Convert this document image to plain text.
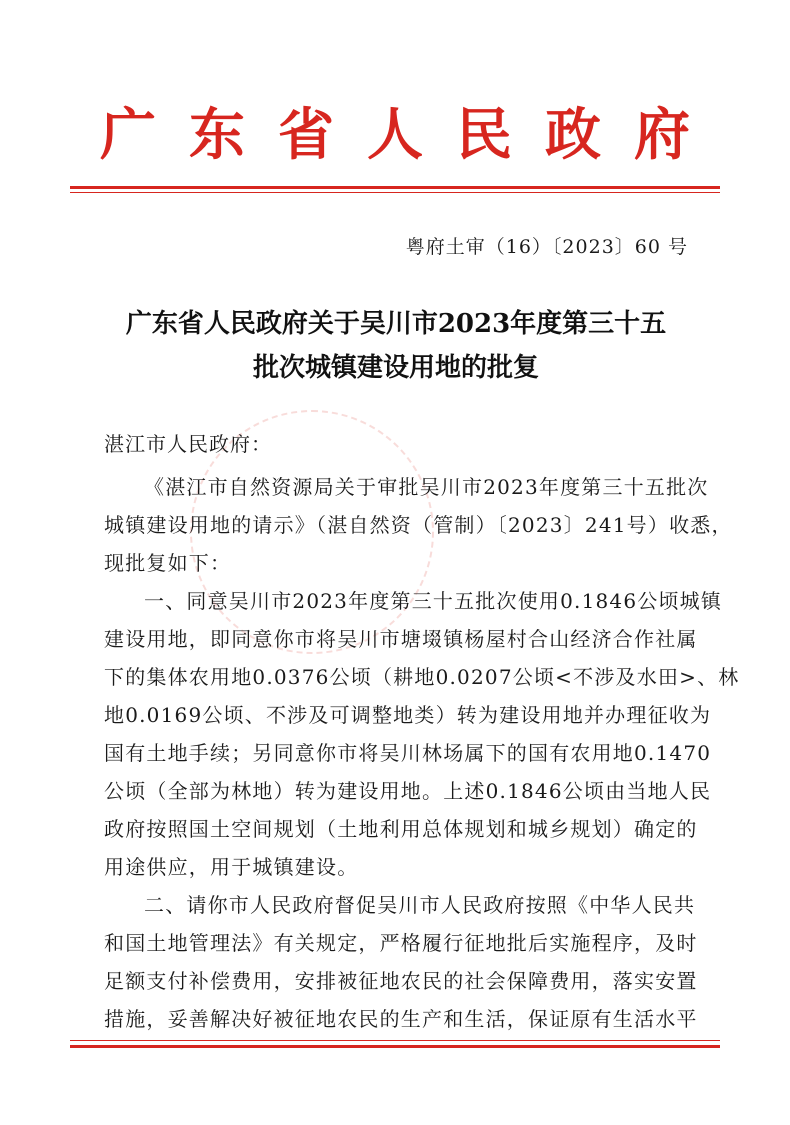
广 东 省 人 民 政 府
粤府土审（16）〔2023〕60 号
广东省人民政府关于吴川市2023年度第三十五
批次城镇建设用地的批复
湛江市人民政府：
《湛江市自然资源局关于审批吴川市2023年度第三十五批次
城镇建设用地的请示》（湛自然资（管制）〔2023〕241号）收悉，
现批复如下：
一、同意吴川市2023年度第三十五批次使用0.1846公顷城镇
建设用地，即同意你市将吴川市塘㙍镇杨屋村合山经济合作社属
下的集体农用地0.0376公顷（耕地0.0207公顷<不涉及水田>、林
地0.0169公顷、不涉及可调整地类）转为建设用地并办理征收为
国有土地手续；另同意你市将吴川林场属下的国有农用地0.1470
公顷（全部为林地）转为建设用地。上述0.1846公顷由当地人民
政府按照国土空间规划（土地利用总体规划和城乡规划）确定的
用途供应，用于城镇建设。
二、请你市人民政府督促吴川市人民政府按照《中华人民共
和国土地管理法》有关规定，严格履行征地批后实施程序，及时
足额支付补偿费用，安排被征地农民的社会保障费用，落实安置
措施，妥善解决好被征地农民的生产和生活，保证原有生活水平
